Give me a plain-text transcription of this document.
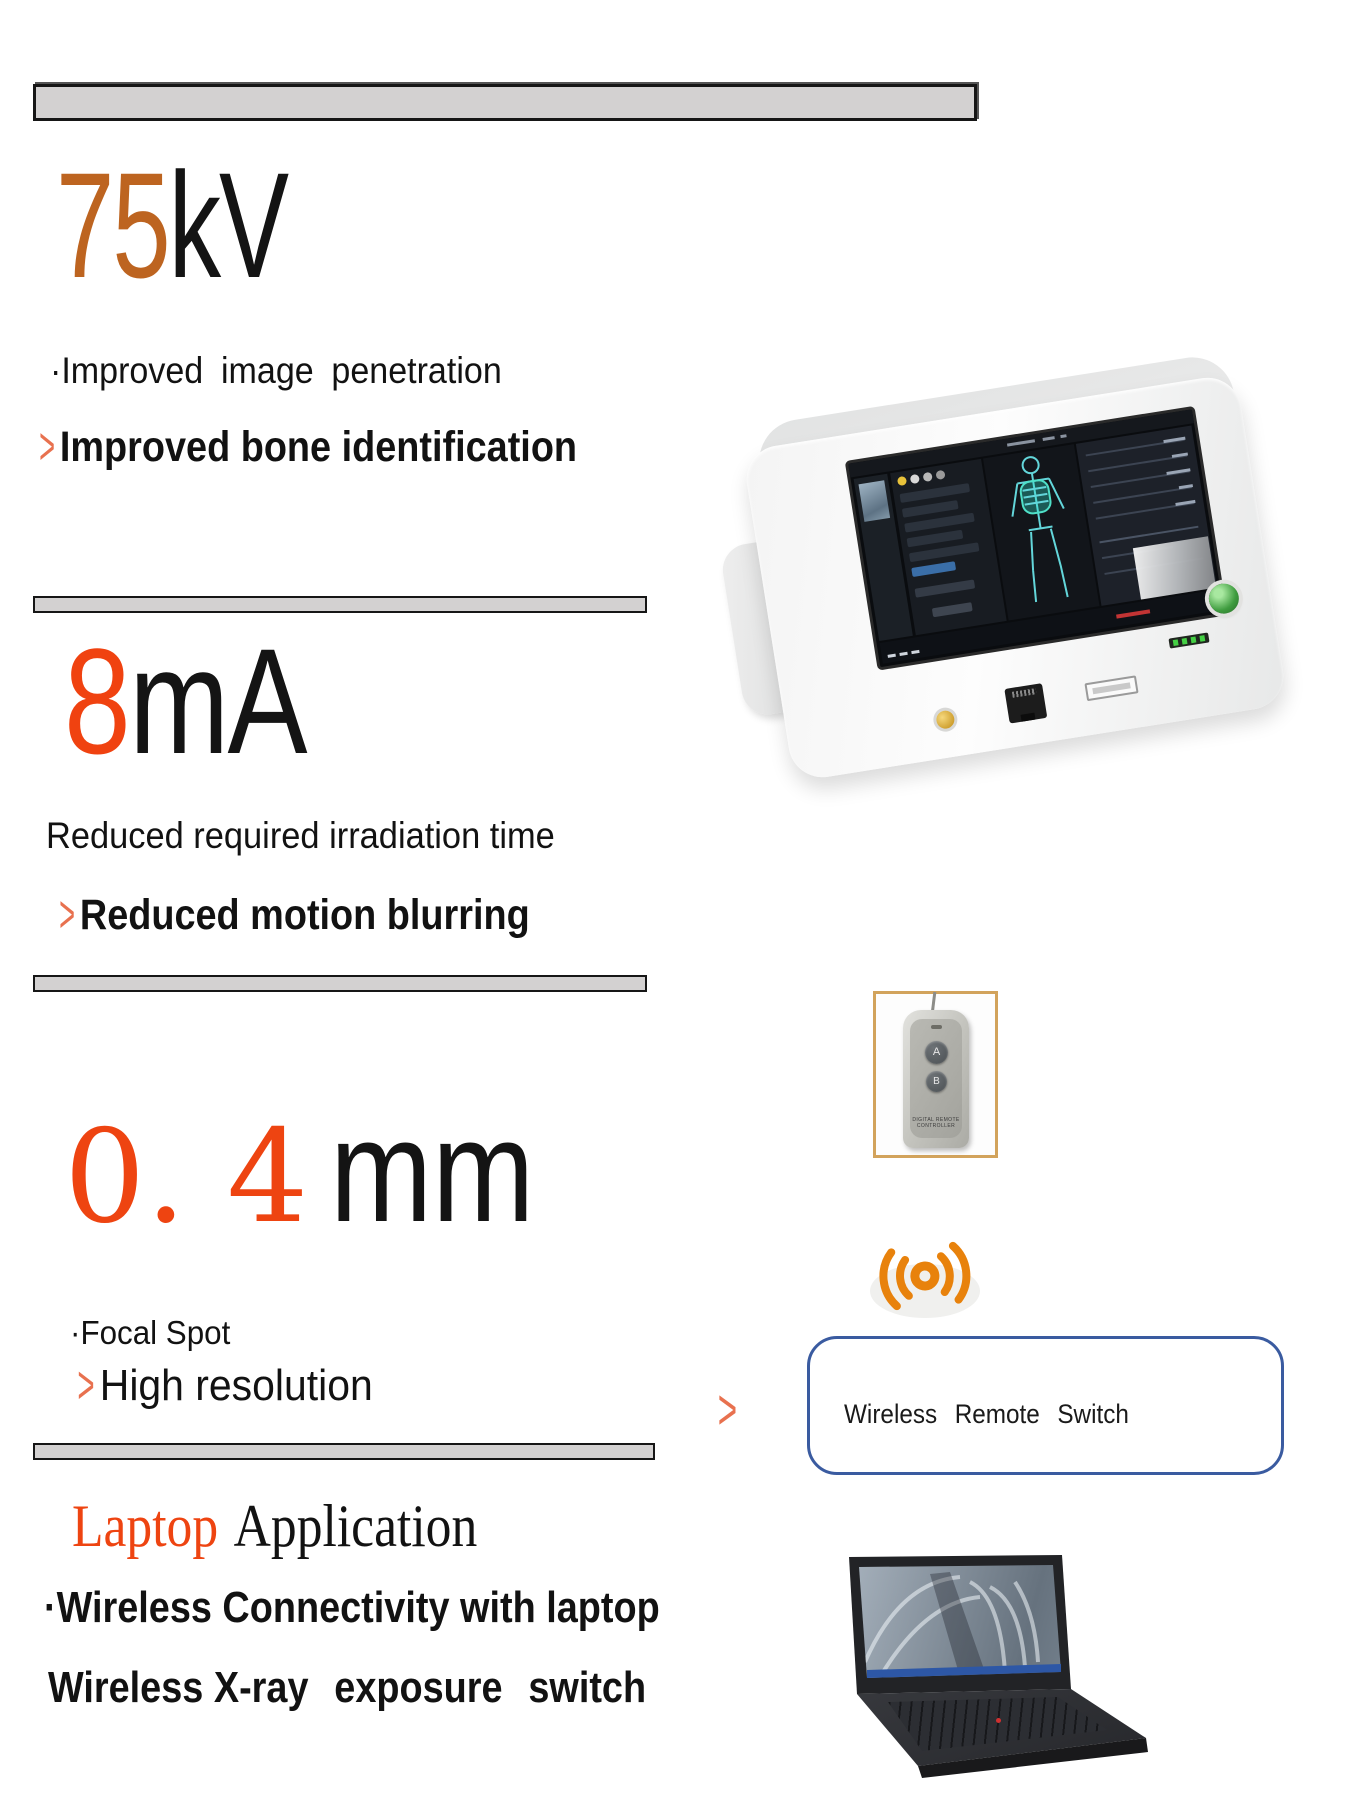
75kV
·Improved image penetration
> Improved bone identification
8mA
Reduced required irradiation time
> Reduced motion blurring
A
B
DIGITAL REMOTE
CONTROLLER
0. 4 mm
·Focal Spot
> High resolution	>	Wireless Remote Switch
Laptop Application
·Wireless Connectivity with laptop
Wireless X-ray exposure switch
